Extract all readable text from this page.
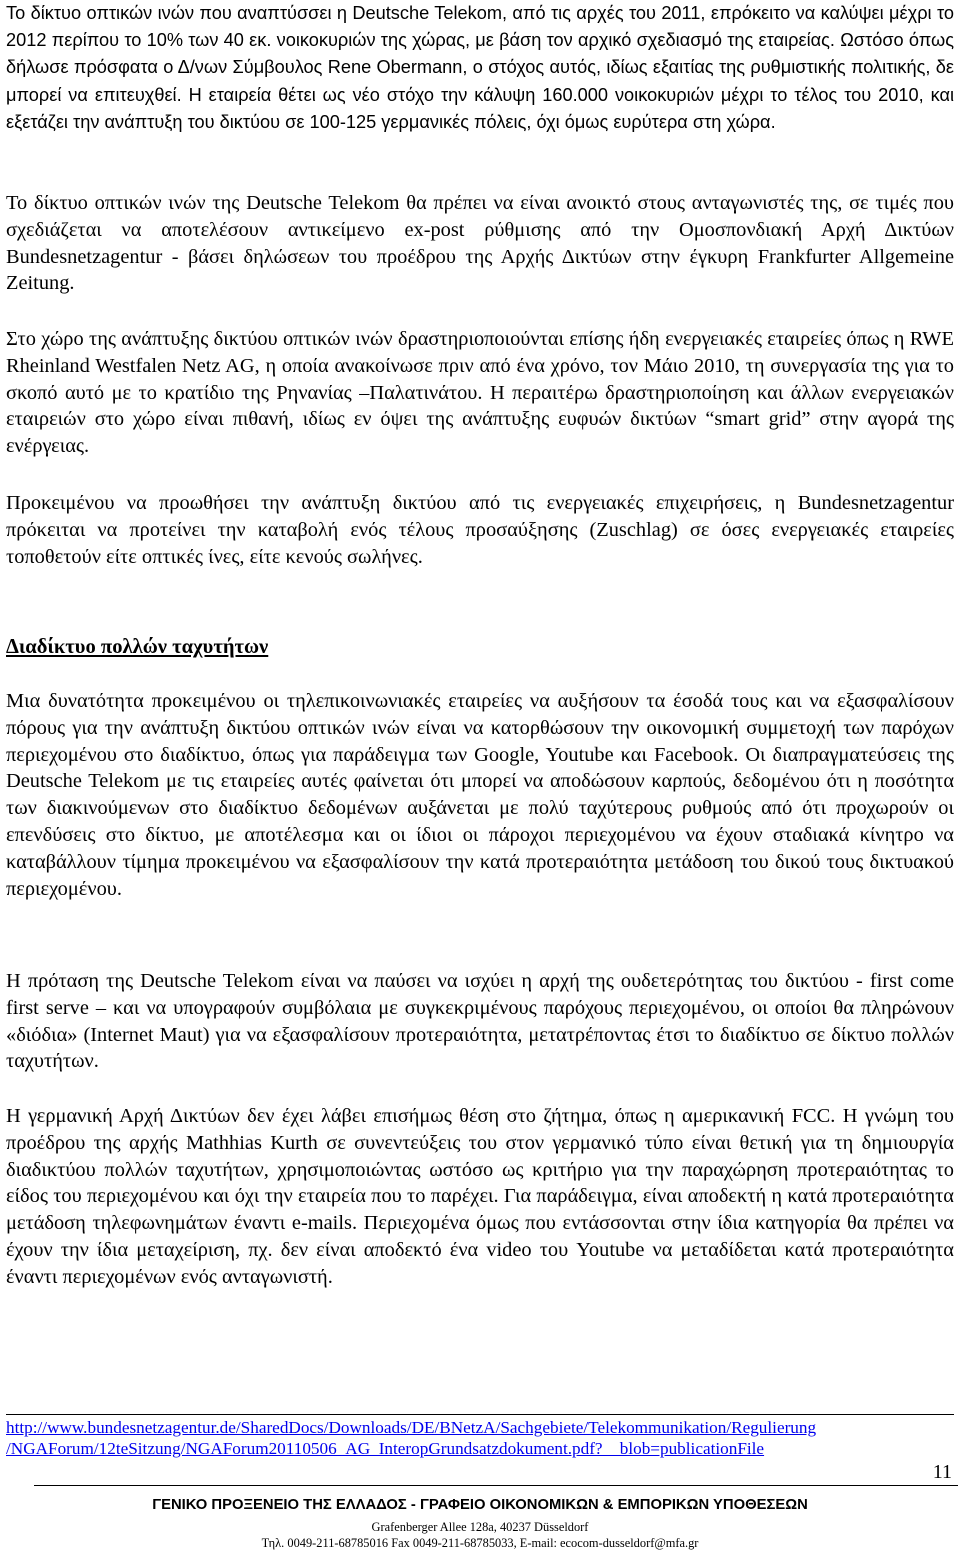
Το δίκτυο οπτικών ινών που αναπτύσσει η Deutsche Telekom, από τις αρχές του 2011, επρόκειτο να καλύψει μέχρι το 2012 περίπου το 10% των 40 εκ. νοικοκυριών της χώρας, με βάση τον αρχικό σχεδιασμό της εταιρείας. Ωστόσο όπως δήλωσε πρόσφατα ο Δ/νων Σύμβουλος Rene Obermann, ο στόχος αυτός, ιδίως εξαιτίας της ρυθμιστικής πολιτικής, δε μπορεί να επιτευχθεί. Η εταιρεία θέτει ως νέο στόχο την κάλυψη 160.000 νοικοκυριών μέχρι το τέλος του 2010, και εξετάζει την ανάπτυξη του δικτύου σε 100-125 γερμανικές πόλεις, όχι όμως ευρύτερα στη χώρα.

Το δίκτυο οπτικών ινών της Deutsche Telekom θα πρέπει να είναι ανοικτό στους ανταγωνιστές της, σε τιμές που σχεδιάζεται να αποτελέσουν αντικείμενο ex-post ρύθμισης από την Ομοσπονδιακή Αρχή Δικτύων Bundesnetzagentur - βάσει δηλώσεων του προέδρου της Αρχής Δικτύων στην έγκυρη Frankfurter Allgemeine Zeitung.

Στο χώρο της ανάπτυξης δικτύου οπτικών ινών δραστηριοποιούνται επίσης ήδη ενεργειακές εταιρείες όπως η RWE Rheinland Westfalen Netz AG, η οποία ανακοίνωσε πριν από ένα χρόνο, τον Μάιο 2010, τη συνεργασία της για το σκοπό αυτό με το κρατίδιο της Ρηνανίας –Παλατινάτου. Η περαιτέρω δραστηριοποίηση και άλλων ενεργειακών εταιρειών στο χώρο είναι πιθανή, ιδίως εν όψει της ανάπτυξης ευφυών δικτύων “smart grid” στην αγορά της ενέργειας.

Προκειμένου να προωθήσει την ανάπτυξη δικτύου από τις ενεργειακές επιχειρήσεις, η Bundesnetzagentur πρόκειται να προτείνει την καταβολή ενός τέλους προσαύξησης (Zuschlag) σε όσες ενεργειακές εταιρείες τοποθετούν είτε οπτικές ίνες, είτε κενούς σωλήνες.

Διαδίκτυο πολλών ταχυτήτων

Μια δυνατότητα προκειμένου οι τηλεπικοινωνιακές εταιρείες να αυξήσουν τα έσοδά τους και να εξασφαλίσουν πόρους για την ανάπτυξη δικτύου οπτικών ινών είναι να κατορθώσουν την οικονομική συμμετοχή των παρόχων περιεχομένου στο διαδίκτυο, όπως για παράδειγμα των Google, Youtube και Facebook. Οι διαπραγματεύσεις της Deutsche Telekom με τις εταιρείες αυτές φαίνεται ότι μπορεί να αποδώσουν καρπούς, δεδομένου ότι η ποσότητα των διακινούμενων στο διαδίκτυο δεδομένων αυξάνεται με πολύ ταχύτερους ρυθμούς από ότι προχωρούν οι επενδύσεις στο δίκτυο, με αποτέλεσμα και οι ίδιοι οι πάροχοι περιεχομένου να έχουν σταδιακά κίνητρο να καταβάλλουν τίμημα προκειμένου να εξασφαλίσουν την κατά προτεραιότητα μετάδοση του δικού τους δικτυακού περιεχομένου.

Η πρόταση της Deutsche Telekom είναι να παύσει να ισχύει η αρχή της ουδετερότητας του δικτύου - first come first serve – και να υπογραφούν συμβόλαια με συγκεκριμένους παρόχους περιεχομένου, οι οποίοι θα πληρώνουν «διόδια» (Internet Maut) για να εξασφαλίσουν προτεραιότητα, μετατρέποντας έτσι το διαδίκτυο σε δίκτυο πολλών ταχυτήτων.

Η γερμανική Αρχή Δικτύων δεν έχει λάβει επισήμως θέση στο ζήτημα, όπως η αμερικανική FCC. Η γνώμη του προέδρου της αρχής Mathhias Kurth σε συνεντεύξεις του στον γερμανικό τύπο είναι θετική για τη δημιουργία διαδικτύου πολλών ταχυτήτων, χρησιμοποιώντας ωστόσο ως κριτήριο για την παραχώρηση προτεραιότητας το είδος του περιεχομένου και όχι την εταιρεία που το παρέχει. Για παράδειγμα, είναι αποδεκτή η κατά προτεραιότητα μετάδοση τηλεφωνημάτων έναντι e-mails. Περιεχομένα όμως που εντάσσονται στην ίδια κατηγορία θα πρέπει να έχουν την ίδια μεταχείριση, πχ. δεν είναι αποδεκτό ένα video του Youtube να μεταδίδεται κατά προτεραιότητα έναντι περιεχομένων ενός ανταγωνιστή.

http://www.bundesnetzagentur.de/SharedDocs/Downloads/DE/BNetzA/Sachgebiete/Telekommunikation/Regulierung
/NGAForum/12teSitzung/NGAForum20110506_AG_InteropGrundsatzdokument.pdf?__blob=publicationFile
11
ΓΕΝΙΚΟ ΠΡΟΞΕΝΕΙΟ ΤΗΣ ΕΛΛΑΔΟΣ - ΓΡΑΦΕΙΟ ΟΙΚΟΝΟΜΙΚΩΝ & ΕΜΠΟΡΙΚΩΝ ΥΠΟΘΕΣΕΩΝ
Grafenberger Allee 128a, 40237 Düsseldorf
Τηλ. 0049-211-68785016 Fax 0049-211-68785033, E-mail: ecocom-dusseldorf@mfa.gr
